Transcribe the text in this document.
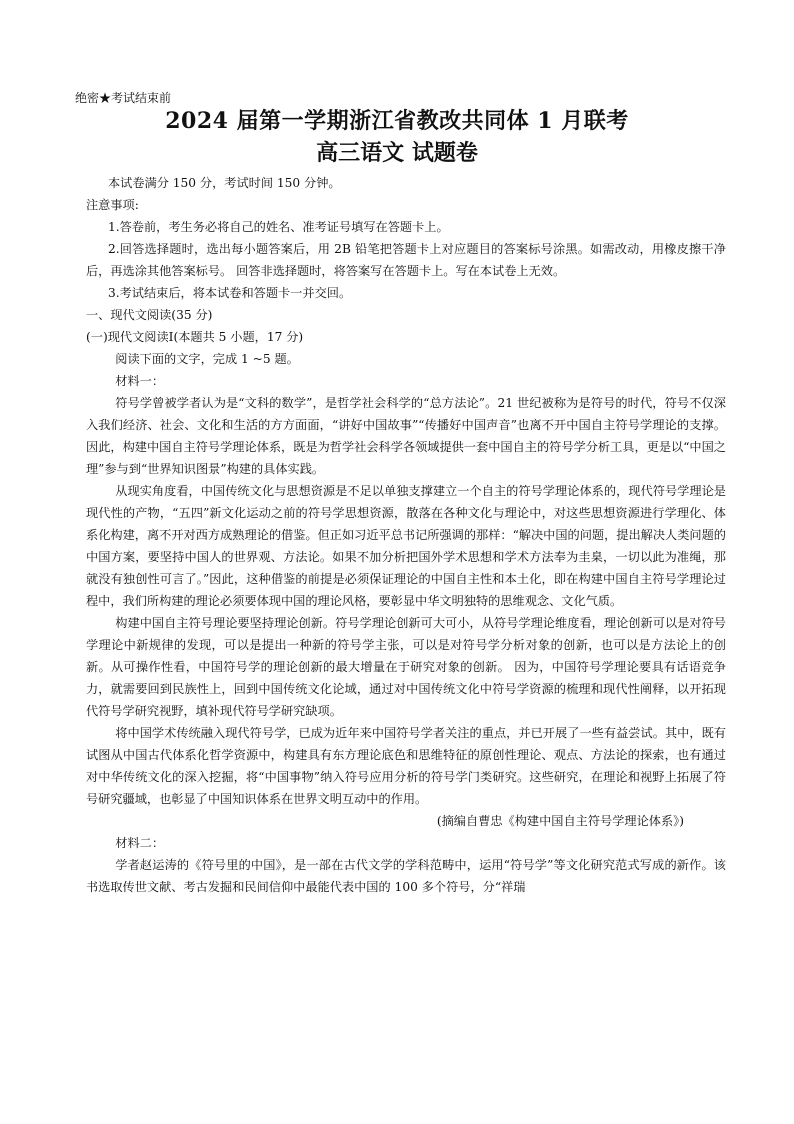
绝密★考试结束前
2024 届第一学期浙江省教改共同体 1 月联考
高三语文 试题卷

本试卷满分 150 分，考试时间 150 分钟。

注意事项:

1.答卷前，考生务必将自己的姓名、准考证号填写在答题卡上。

2.回答选择题时，选出每小题答案后，用 2B 铅笔把答题卡上对应题目的答案标号涂黑。如需改动，用橡皮擦干净后，再选涂其他答案标号。 回答非选择题时，将答案写在答题卡上。写在本试卷上无效。

3.考试结束后，将本试卷和答题卡一并交回。

一、现代文阅读(35 分)

(一)现代文阅读Ⅰ(本题共 5 小题，17 分)

阅读下面的文字，完成 1 ~5 题。

材料一：

符号学曾被学者认为是“文科的数学”，是哲学社会科学的“总方法论”。21 世纪被称为是符号的时代，符号不仅深入我们经济、社会、文化和生活的方方面面，“讲好中国故事”“传播好中国声音”也离不开中国自主符号学理论的支撑。 因此，构建中国自主符号学理论体系，既是为哲学社会科学各领域提供一套中国自主的符号学分析工具，更是以“中国之理”参与到“世界知识图景”构建的具体实践。

从现实角度看，中国传统文化与思想资源是不足以单独支撑建立一个自主的符号学理论体系的，现代符号学理论是现代性的产物，“五四”新文化运动之前的符号学思想资源，散落在各种文化与理论中，对这些思想资源进行学理化、体系化构建，离不开对西方成熟理论的借鉴。但正如习近平总书记所强调的那样：“解决中国的问题，提出解决人类问题的中国方案，要坚持中国人的世界观、方法论。如果不加分析把国外学术思想和学术方法奉为圭臬，一切以此为准绳，那就没有独创性可言了。”因此，这种借鉴的前提是必须保证理论的中国自主性和本土化，即在构建中国自主符号学理论过程中，我们所构建的理论必须要体现中国的理论风格，要彰显中华文明独特的思维观念、文化气质。

构建中国自主符号理论要坚持理论创新。符号学理论创新可大可小，从符号学理论维度看，理论创新可以是对符号学理论中新规律的发现，可以是提出一种新的符号学主张，可以是对符号学分析对象的创新，也可以是方法论上的创新。从可操作性看，中国符号学的理论创新的最大增量在于研究对象的创新。 因为，中国符号学理论要具有话语竞争力，就需要回到民族性上，回到中国传统文化论域，通过对中国传统文化中符号学资源的梳理和现代性阐释，以开拓现代符号学研究视野，填补现代符号学研究缺项。

将中国学术传统融入现代符号学，已成为近年来中国符号学者关注的重点，并已开展了一些有益尝试。其中，既有试图从中国古代体系化哲学资源中，构建具有东方理论底色和思维特征的原创性理论、观点、方法论的探索，也有通过对中华传统文化的深入挖掘，将“中国事物”纳入符号应用分析的符号学门类研究。这些研究，在理论和视野上拓展了符号研究疆域，也彰显了中国知识体系在世界文明互动中的作用。

(摘编自曹忠《构建中国自主符号学理论体系》)

材料二：

学者赵运涛的《符号里的中国》，是一部在古代文学的学科范畴中，运用“符号学”等文化研究范式写成的新作。该书选取传世文献、考古发掘和民间信仰中最能代表中国的 100 多个符号，分“祥瑞
